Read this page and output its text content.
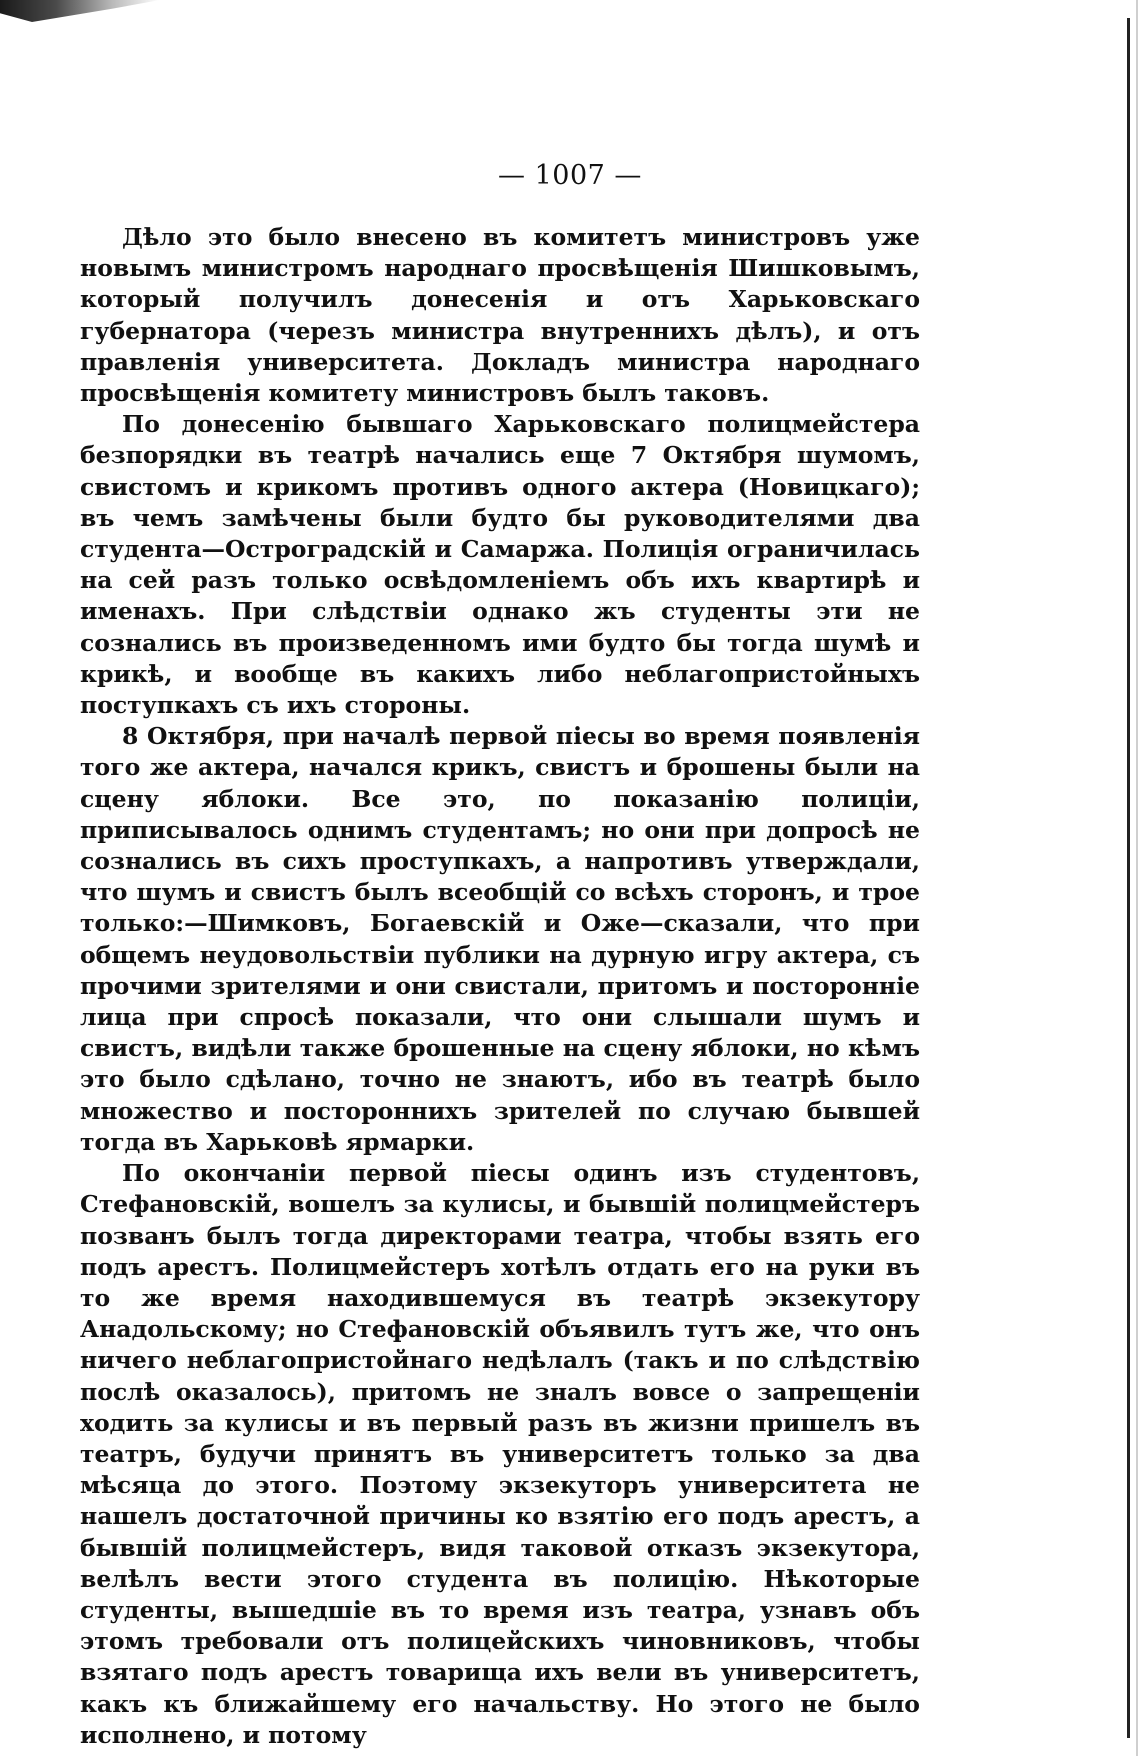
— 1007 —

Дѣло это было внесено въ комитетъ министровъ уже новымъ министромъ народнаго просвѣщенія Шишковымъ, который получилъ донесенія и отъ Харьковскаго губернатора (черезъ министра внутреннихъ дѣлъ), и отъ правленія университета. Докладъ министра народнаго просвѣщенія комитету министровъ былъ таковъ.

По донесенію бывшаго Харьковскаго полицмейстера безпорядки въ театрѣ начались еще 7 Октября шумомъ, свистомъ и крикомъ противъ одного актера (Новицкаго); въ чемъ замѣчены были будто бы руководителями два студента—Остроградскій и Самаржа. Полиція ограничилась на сей разъ только освѣдомленіемъ объ ихъ квартирѣ и именахъ. При слѣдствіи однако жъ студенты эти не сознались въ произведенномъ ими будто бы тогда шумѣ и крикѣ, и вообще въ какихъ либо неблагопристойныхъ поступкахъ съ ихъ стороны.

8 Октября, при началѣ первой піесы во время появленія того же актера, начался крикъ, свистъ и брошены были на сцену яблоки. Все это, по показанію полиціи, приписывалось однимъ студентамъ; но они при допросѣ не сознались въ сихъ проступкахъ, а напротивъ утверждали, что шумъ и свистъ былъ всеобщій со всѣхъ сторонъ, и трое только:—Шимковъ, Богаевскій и Оже—сказали, что при общемъ неудовольствіи публики на дурную игру актера, съ прочими зрителями и они свистали, притомъ и посторонніе лица при спросѣ показали, что они слышали шумъ и свистъ, видѣли также брошенные на сцену яблоки, но кѣмъ это было сдѣлано, точно не знаютъ, ибо въ театрѣ было множество и постороннихъ зрителей по случаю бывшей тогда въ Харьковѣ ярмарки.

По окончаніи первой піесы одинъ изъ студентовъ, Стефановскій, вошелъ за кулисы, и бывшій полицмейстеръ позванъ былъ тогда директорами театра, чтобы взять его подъ арестъ. Полицмейстеръ хотѣлъ отдать его на руки въ то же время находившемуся въ театрѣ экзекутору Анадольскому; но Стефановскій объявилъ тутъ же, что онъ ничего неблагопристойнаго недѣлалъ (такъ и по слѣдствію послѣ оказалось), притомъ не зналъ вовсе о запрещеніи ходить за кулисы и въ первый разъ въ жизни пришелъ въ театръ, будучи принятъ въ университетъ только за два мѣсяца до этого. Поэтому экзекуторъ университета не нашелъ достаточной причины ко взятію его подъ арестъ, а бывшій полицмейстеръ, видя таковой отказъ экзекутора, велѣлъ вести этого студента въ полицію. Нѣкоторые студенты, вышедшіе въ то время изъ театра, узнавъ объ этомъ требовали отъ полицейскихъ чиновниковъ, чтобы взятаго подъ арестъ товарища ихъ вели въ университетъ, какъ къ ближайшему его начальству. Но этого не было исполнено, и потому
